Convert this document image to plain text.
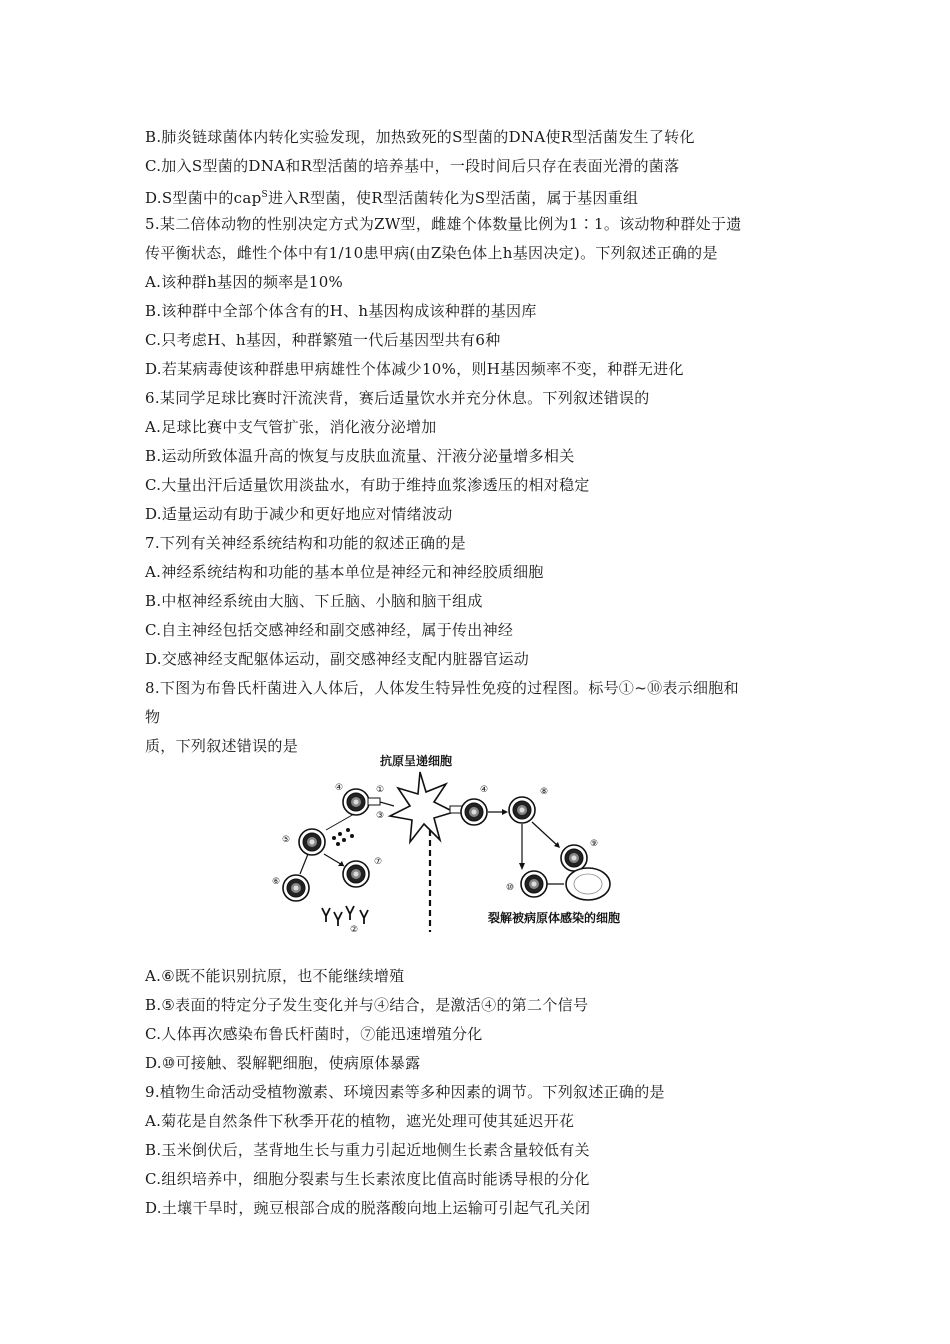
B.肺炎链球菌体内转化实验发现，加热致死的S型菌的DNA使R型活菌发生了转化
C.加入S型菌的DNA和R型活菌的培养基中，一段时间后只存在表面光滑的菌落
D.S型菌中的cap$^S$进入R型菌，使R型活菌转化为S型活菌，属于基因重组
5.某二倍体动物的性别决定方式为ZW型，雌雄个体数量比例为1∶1。该动物种群处于遗
传平衡状态，雌性个体中有1/10患甲病(由Z染色体上h基因决定)。下列叙述正确的是
A.该种群h基因的频率是10%
B.该种群中全部个体含有的H、h基因构成该种群的基因库
C.只考虑H、h基因，种群繁殖一代后基因型共有6种
D.若某病毒使该种群患甲病雄性个体减少10%，则H基因频率不变，种群无进化
6.某同学足球比赛时汗流浃背，赛后适量饮水并充分休息。下列叙述错误的
A.足球比赛中支气管扩张，消化液分泌增加
B.运动所致体温升高的恢复与皮肤血流量、汗液分泌量增多相关
C.大量出汗后适量饮用淡盐水，有助于维持血浆渗透压的相对稳定
D.适量运动有助于减少和更好地应对情绪波动
7.下列有关神经系统结构和功能的叙述正确的是
A.神经系统结构和功能的基本单位是神经元和神经胶质细胞
B.中枢神经系统由大脑、下丘脑、小脑和脑干组成
C.自主神经包括交感神经和副交感神经，属于传出神经
D.交感神经支配躯体运动，副交感神经支配内脏器官运动
8.下图为布鲁氏杆菌进入人体后，人体发生特异性免疫的过程图。标号①~⑩表示细胞和
物
质，下列叙述错误的是
抗原呈递细胞
裂解被病原体感染的细胞
④	①
③
⑤
⑦
⑥
②
④	⑧
⑨
⑩
A.⑥既不能识别抗原，也不能继续增殖
B.⑤表面的特定分子发生变化并与④结合，是激活④的第二个信号
C.人体再次感染布鲁氏杆菌时，⑦能迅速增殖分化
D.⑩可接触、裂解靶细胞，使病原体暴露
9.植物生命活动受植物激素、环境因素等多种因素的调节。下列叙述正确的是
A.菊花是自然条件下秋季开花的植物，遮光处理可使其延迟开花
B.玉米倒伏后，茎背地生长与重力引起近地侧生长素含量较低有关
C.组织培养中，细胞分裂素与生长素浓度比值高时能诱导根的分化
D.土壤干旱时，豌豆根部合成的脱落酸向地上运输可引起气孔关闭
